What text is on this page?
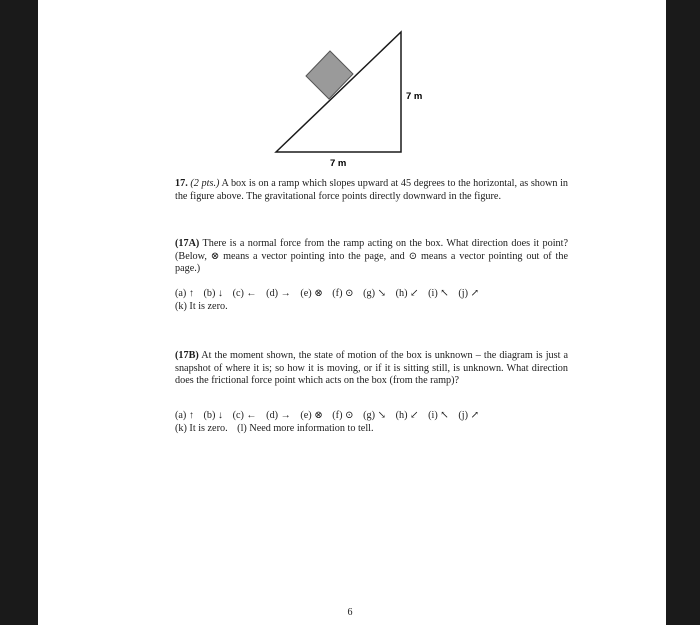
7 m
7 m
17. (2 pts.) A box is on a ramp which slopes upward at 45 degrees to the horizontal, as shown in the figure above. The gravitational force points directly downward in the figure.
(17A) There is a normal force from the ramp acting on the box. What direction does it point? (Below, ⊗ means a vector pointing into the page, and ⊙ means a vector pointing out of the page.)
(a) ↑ (b) ↓ (c) ← (d) → (e) ⊗ (f) ⊙ (g) ↘ (h) ↙ (i) ↖ (j) ↗
(k) It is zero.
(17B) At the moment shown, the state of motion of the box is unknown – the diagram is just a snapshot of where it is; so how it is moving, or if it is sitting still, is unknown. What direction does the frictional force point which acts on the box (from the ramp)?
(a) ↑ (b) ↓ (c) ← (d) → (e) ⊗ (f) ⊙ (g) ↘ (h) ↙ (i) ↖ (j) ↗
(k) It is zero. (l) Need more information to tell.
6
